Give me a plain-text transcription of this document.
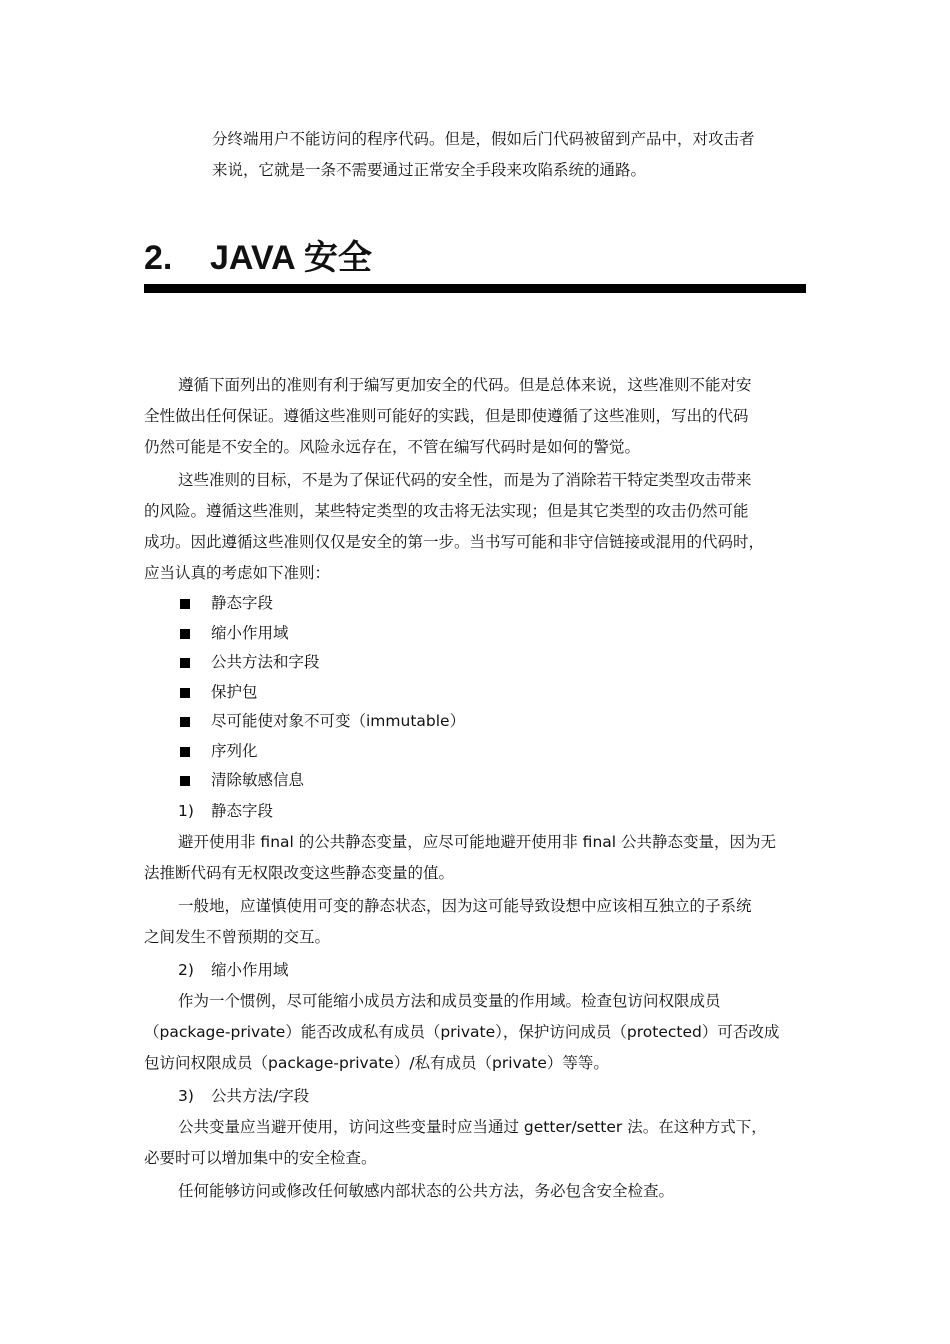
分终端用户不能访问的程序代码。但是，假如后门代码被留到产品中，对攻击者

来说，它就是一条不需要通过正常安全手段来攻陷系统的通路。

2. JAVA 安全
遵循下面列出的准则有利于编写更加安全的代码。但是总体来说，这些准则不能对安
全性做出任何保证。遵循这些准则可能好的实践，但是即使遵循了这些准则，写出的代码
仍然可能是不安全的。风险永远存在，不管在编写代码时是如何的警觉。
这些准则的目标，不是为了保证代码的安全性，而是为了消除若干特定类型攻击带来
的风险。遵循这些准则，某些特定类型的攻击将无法实现；但是其它类型的攻击仍然可能
成功。因此遵循这些准则仅仅是安全的第一步。当书写可能和非守信链接或混用的代码时，
应当认真的考虑如下准则：
静态字段
缩小作用域
公共方法和字段
保护包
尽可能使对象不可变（immutable）
序列化
清除敏感信息
1) 静态字段
避开使用非 final 的公共静态变量，应尽可能地避开使用非 final 公共静态变量，因为无
法推断代码有无权限改变这些静态变量的值。
一般地，应谨慎使用可变的静态状态，因为这可能导致设想中应该相互独立的子系统
之间发生不曾预期的交互。
2) 缩小作用域
作为一个惯例，尽可能缩小成员方法和成员变量的作用域。检查包访问权限成员
（package-private）能否改成私有成员（private），保护访问成员（protected）可否改成
包访问权限成员（package-private）/私有成员（private）等等。
3) 公共方法/字段
公共变量应当避开使用，访问这些变量时应当通过 getter/setter 法。在这种方式下，
必要时可以增加集中的安全检查。
任何能够访问或修改任何敏感内部状态的公共方法，务必包含安全检查。
